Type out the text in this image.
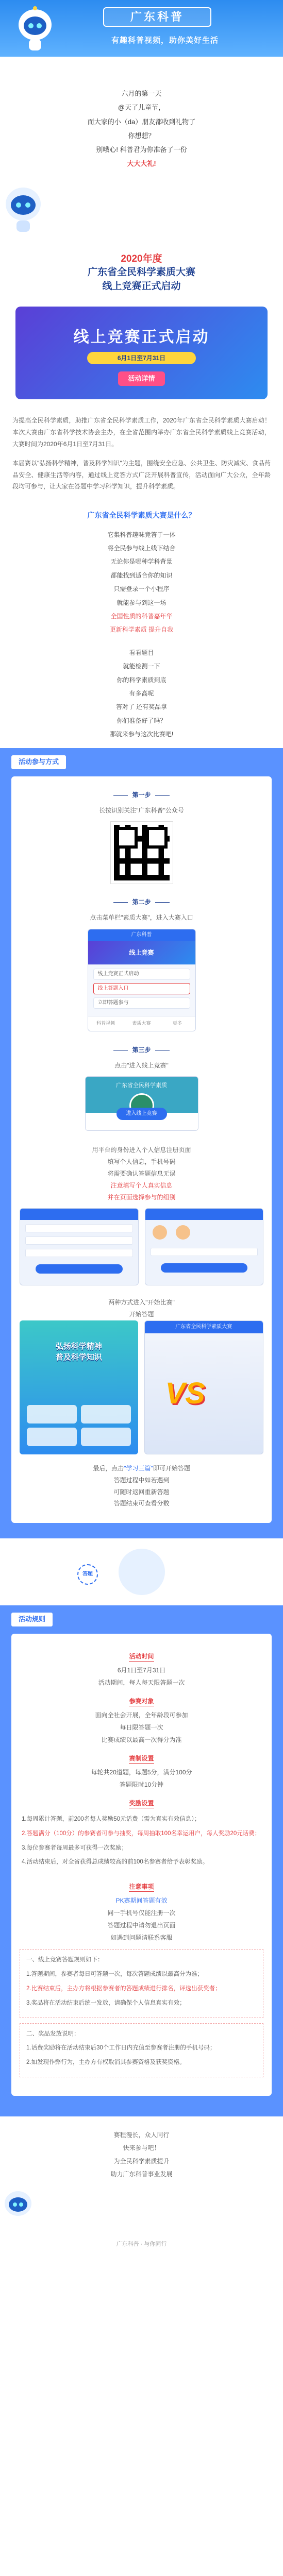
广东科普
有趣科普视频，助你美好生活
六月的第一天
@天了儿童节，
而大家的小（da）朋友都收到礼物了
你想想？
别哦心! 科普君为你准备了一份
大大大礼!
2020年度
广东省全民科学素质大赛
线上竞赛正式启动
线上竞赛正式启动
6月1日至7月31日
活动详情

为提高全民科学素质，助推广东省全民科学素质工作，2020年广东省全民科学素质大赛启动！本次大赛由广东省科学技术协会主办，在全省范围内举办广东省全民科学素质线上竞赛活动，大赛时间为2020年6月1日至7月31日。

本届赛以"弘扬科学精神，普及科学知识"为主题，围绕安全应急、公共卫生、防灾减灾、食品药品安全、健康生活等内容，通过线上竞答方式广泛开展科普宣传，活动面向广大公众，全年龄段均可参与，让大家在答题中学习科学知识，提升科学素质。

广东省全民科学素质大赛是什么？
它集科普趣味竞答于一体
将全民参与线上线下结合
无论你是哪种学科背景
都能找到适合你的知识
只需登录一个小程序
就能参与到这一场
全国性质的科普嘉年华
更新科学素质 提升自我
看看题目
就能检测一下
你的科学素质到底
有多高呢
答对了 还有奖品拿
你们准备好了吗？
那就来参与这次比赛吧!
活动参与方式
第一步
长按识别关注"广东科普"公众号
第二步
点击菜单栏"素质大赛"，进入大赛入口
广东科普
线上竞赛
线上竞赛正式启动
线上答题入口
立即答题参与
科普视频	素质大赛	更多
第三步
点击"进入线上竞赛"
广东省全民科学素质
进入线上竞赛
用平台的身份进入个人信息注册页面
填写个人信息，手机号码
将需要确认答题信息无误
注意填写个人真实信息
并在页面选择参与的组别

两种方式进入"开始比赛"
开始答题
弘扬科学精神
普及科学知识
广东省全民科学素质大赛
VS
最后，点击"学习三篇"即可开始答题
答题过程中如若遇到
可随时返回重新答题
答题结束可查看分数
答题
活动规则
活动时间
6月1日至7月31日
活动期间，每人每天限答题一次
参赛对象
面向全社会开展，全年龄段可参加
每日限答题一次
比赛成绩以最高一次得分为准
赛制设置
每轮共20道题，每题5分，满分100分
答题限时10分钟
奖励设置

1.每周累计答题，前200名每人奖励50元话费（需为真实有效信息）；

2.答题满分（100分）的参赛者可参与抽奖，每周抽取100名幸运用户，每人奖励20元话费；

3.每位参赛者每周最多可获得一次奖励；

4.活动结束后，对全省获得总成绩较高的前100名参赛者给予表彰奖励。

注意事项
PK赛期间答题有效
同一手机号仅能注册一次
答题过程中请勿退出页面
如遇到问题请联系客服

一、线上竞赛答题规则如下：

1.答题期间，参赛者每日可答题一次，每次答题成绩以最高分为准；

2.比赛结束后，主办方将根据参赛者的答题成绩进行排名，评选出获奖者；

3.奖品将在活动结束后统一发放，请确保个人信息真实有效；

二、奖品发放说明：

1.话费奖励将在活动结束后30个工作日内充值至参赛者注册的手机号码；

2.如发现作弊行为，主办方有权取消其参赛资格及获奖资格。

赛程漫长，众人同行
快来参与吧！
为全民科学素质提升
助力广东科普事业发展
广东科普 · 与你同行
